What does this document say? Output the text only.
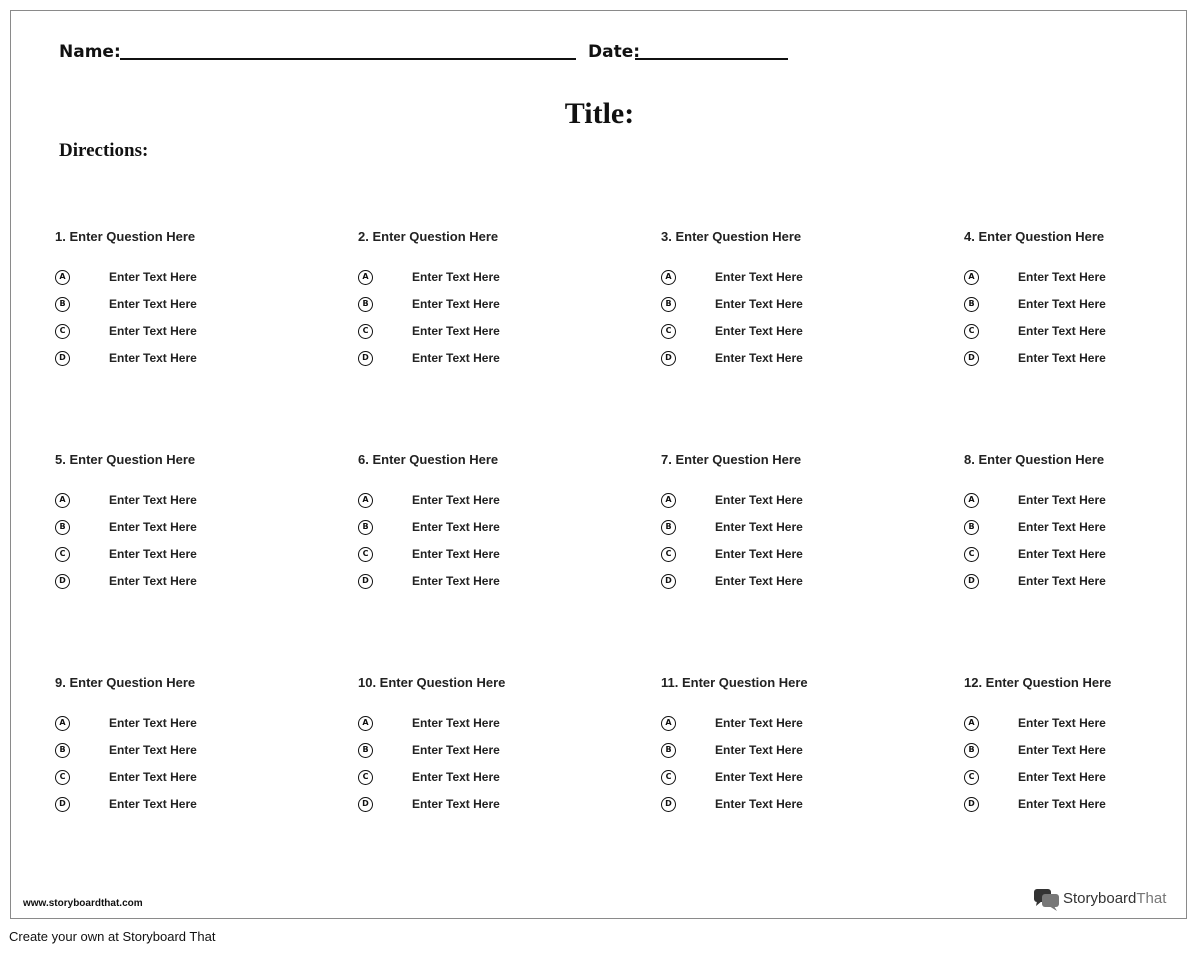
Name:	Date:
Title:
Directions:
1. Enter Question Here
A	Enter Text Here
B	Enter Text Here
C	Enter Text Here
D	Enter Text Here
2. Enter Question Here
A	Enter Text Here
B	Enter Text Here
C	Enter Text Here
D	Enter Text Here
3. Enter Question Here
A	Enter Text Here
B	Enter Text Here
C	Enter Text Here
D	Enter Text Here
4. Enter Question Here
A	Enter Text Here
B	Enter Text Here
C	Enter Text Here
D	Enter Text Here
5. Enter Question Here
A	Enter Text Here
B	Enter Text Here
C	Enter Text Here
D	Enter Text Here
6. Enter Question Here
A	Enter Text Here
B	Enter Text Here
C	Enter Text Here
D	Enter Text Here
7. Enter Question Here
A	Enter Text Here
B	Enter Text Here
C	Enter Text Here
D	Enter Text Here
8. Enter Question Here
A	Enter Text Here
B	Enter Text Here
C	Enter Text Here
D	Enter Text Here
9. Enter Question Here
A	Enter Text Here
B	Enter Text Here
C	Enter Text Here
D	Enter Text Here
10. Enter Question Here
A	Enter Text Here
B	Enter Text Here
C	Enter Text Here
D	Enter Text Here
11. Enter Question Here
A	Enter Text Here
B	Enter Text Here
C	Enter Text Here
D	Enter Text Here
12. Enter Question Here
A	Enter Text Here
B	Enter Text Here
C	Enter Text Here
D	Enter Text Here
www.storyboardthat.com	StoryboardThat
Create your own at Storyboard That
